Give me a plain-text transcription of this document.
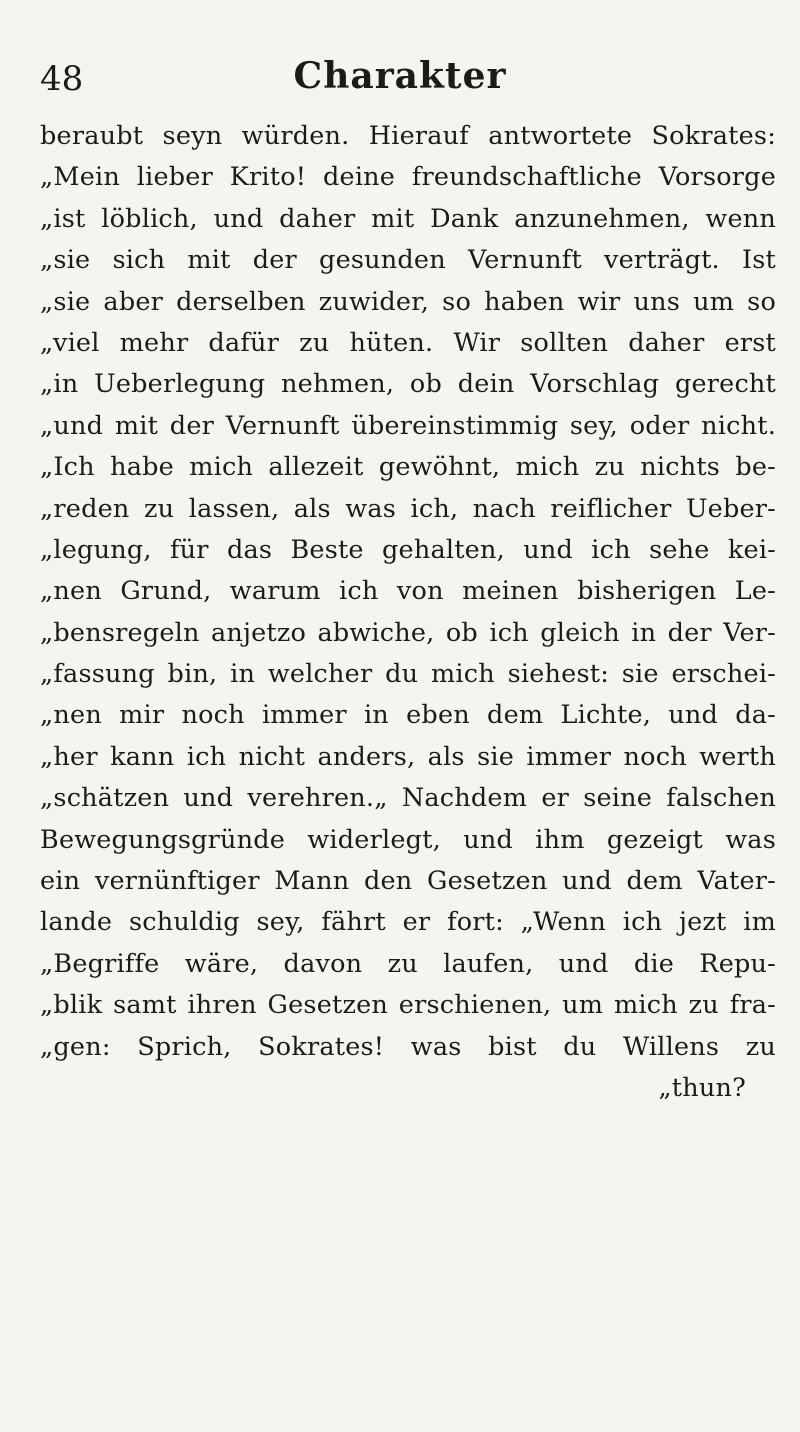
48	Charakter
beraubt seyn würden. Hierauf antwortete Sokrates:
„Mein lieber Krito! deine freundschaftliche Vorsorge
„ist löblich, und daher mit Dank anzunehmen, wenn
„sie sich mit der gesunden Vernunft verträgt. Ist
„sie aber derselben zuwider, so haben wir uns um so
„viel mehr dafür zu hüten. Wir sollten daher erst
„in Ueberlegung nehmen, ob dein Vorschlag gerecht
„und mit der Vernunft übereinstimmig sey, oder nicht.
„Ich habe mich allezeit gewöhnt, mich zu nichts be-
„reden zu lassen, als was ich, nach reiflicher Ueber-
„legung, für das Beste gehalten, und ich sehe kei-
„nen Grund, warum ich von meinen bisherigen Le-
„bensregeln anjetzo abwiche, ob ich gleich in der Ver-
„fassung bin, in welcher du mich siehest: sie erschei-
„nen mir noch immer in eben dem Lichte, und da-
„her kann ich nicht anders, als sie immer noch werth
„schätzen und verehren.„ Nachdem er seine falschen
Bewegungsgründe widerlegt, und ihm gezeigt was
ein vernünftiger Mann den Gesetzen und dem Vater-
lande schuldig sey, fährt er fort: „Wenn ich jezt im
„Begriffe wäre, davon zu laufen, und die Repu-
„blik samt ihren Gesetzen erschienen, um mich zu fra-
„gen: Sprich, Sokrates! was bist du Willens zu
„thun?
